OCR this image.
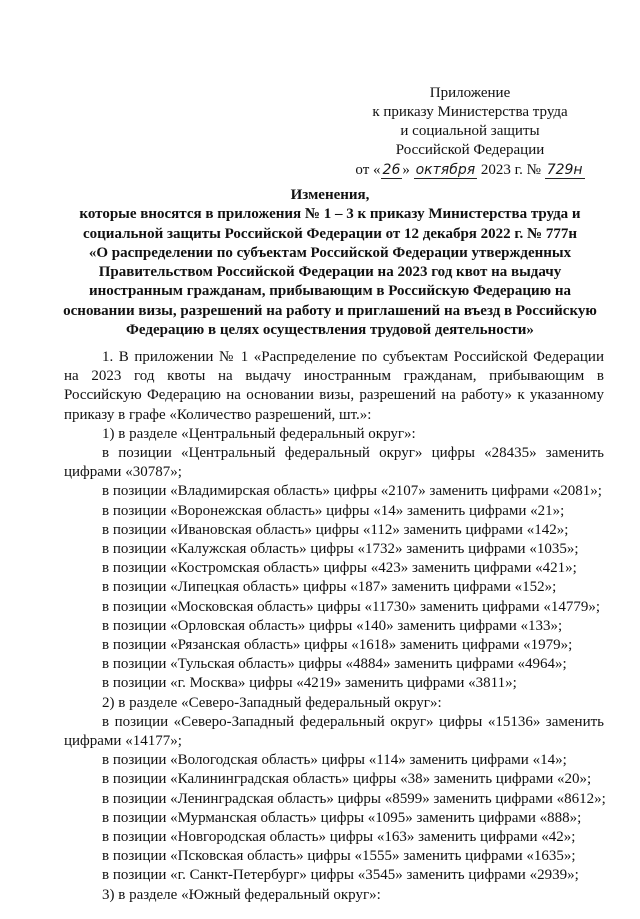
Приложение
к приказу Министерства труда
и социальной защиты
Российской Федерации
от « 26 » октября 2023 г. № 729н
Изменения,
которые вносятся в приложения № 1 – 3 к приказу Министерства труда и
социальной защиты Российской Федерации от 12 декабря 2022 г. № 777н
«О распределении по субъектам Российской Федерации утвержденных
Правительством Российской Федерации на 2023 год квот на выдачу
иностранным гражданам, прибывающим в Российскую Федерацию на
основании визы, разрешений на работу и приглашений на въезд в Российскую
Федерацию в целях осуществления трудовой деятельности»

1. В приложении № 1 «Распределение по субъектам Российской Федерации на 2023 год квоты на выдачу иностранным гражданам, прибывающим в Российскую Федерацию на основании визы, разрешений на работу» к указанному приказу в графе «Количество разрешений, шт.»:

1) в разделе «Центральный федеральный округ»:

в позиции «Центральный федеральный округ» цифры «28435» заменить цифрами «30787»;

в позиции «Владимирская область» цифры «2107» заменить цифрами «2081»;

в позиции «Воронежская область» цифры «14» заменить цифрами «21»;

в позиции «Ивановская область» цифры «112» заменить цифрами «142»;

в позиции «Калужская область» цифры «1732» заменить цифрами «1035»;

в позиции «Костромская область» цифры «423» заменить цифрами «421»;

в позиции «Липецкая область» цифры «187» заменить цифрами «152»;

в позиции «Московская область» цифры «11730» заменить цифрами «14779»;

в позиции «Орловская область» цифры «140» заменить цифрами «133»;

в позиции «Рязанская область» цифры «1618» заменить цифрами «1979»;

в позиции «Тульская область» цифры «4884» заменить цифрами «4964»;

в позиции «г. Москва» цифры «4219» заменить цифрами «3811»;

2) в разделе «Северо-Западный федеральный округ»:

в позиции «Северо-Западный федеральный округ» цифры «15136» заменить цифрами «14177»;

в позиции «Вологодская область» цифры «114» заменить цифрами «14»;

в позиции «Калининградская область» цифры «38» заменить цифрами «20»;

в позиции «Ленинградская область» цифры «8599» заменить цифрами «8612»;

в позиции «Мурманская область» цифры «1095» заменить цифрами «888»;

в позиции «Новгородская область» цифры «163» заменить цифрами «42»;

в позиции «Псковская область» цифры «1555» заменить цифрами «1635»;

в позиции «г. Санкт-Петербург» цифры «3545» заменить цифрами «2939»;

3) в разделе «Южный федеральный округ»:
